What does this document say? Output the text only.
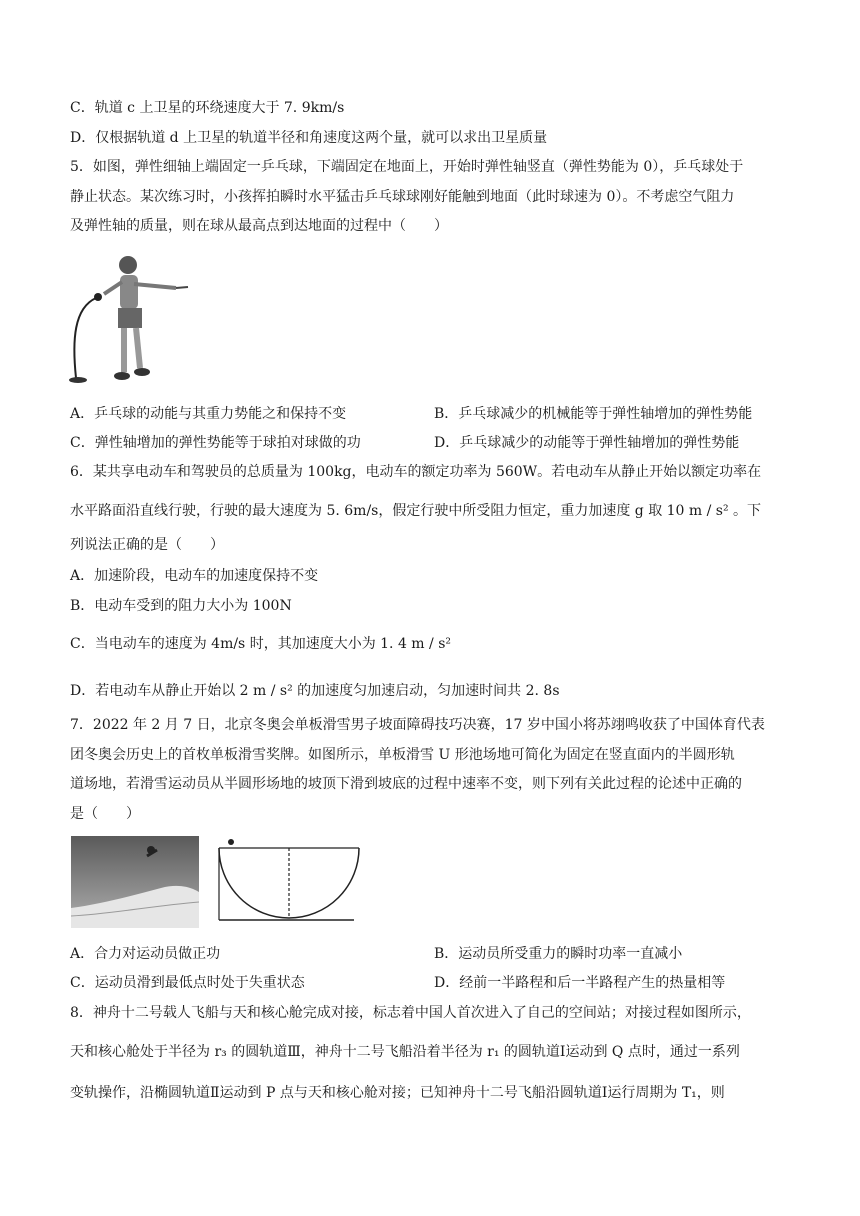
C．轨道 c 上卫星的环绕速度大于 7. 9km/s
D．仅根据轨道 d 上卫星的轨道半径和角速度这两个量，就可以求出卫星质量
5．如图，弹性细轴上端固定一乒乓球，下端固定在地面上，开始时弹性轴竖直（弹性势能为 0），乒乓球处于
静止状态。某次练习时，小孩挥拍瞬时水平猛击乒乓球球刚好能触到地面（此时球速为 0）。不考虑空气阻力
及弹性轴的质量，则在球从最高点到达地面的过程中（　　）
A．乒乓球的动能与其重力势能之和保持不变	B．乒乓球减少的机械能等于弹性轴增加的弹性势能
C．弹性轴增加的弹性势能等于球拍对球做的功	D．乒乓球减少的动能等于弹性轴增加的弹性势能
6．某共享电动车和驾驶员的总质量为 100kg，电动车的额定功率为 560W。若电动车从静止开始以额定功率在
水平路面沿直线行驶，行驶的最大速度为 5. 6m/s，假定行驶中所受阻力恒定，重力加速度 g 取 10 m / s² 。下
列说法正确的是（　　）
A．加速阶段，电动车的加速度保持不变
B．电动车受到的阻力大小为 100N
C．当电动车的速度为 4m/s 时，其加速度大小为 1. 4 m / s²
D．若电动车从静止开始以 2 m / s² 的加速度匀加速启动，匀加速时间共 2. 8s
7．2022 年 2 月 7 日，北京冬奥会单板滑雪男子坡面障碍技巧决赛，17 岁中国小将苏翊鸣收获了中国体育代表
团冬奥会历史上的首枚单板滑雪奖牌。如图所示，单板滑雪 U 形池场地可简化为固定在竖直面内的半圆形轨
道场地，若滑雪运动员从半圆形场地的坡顶下滑到坡底的过程中速率不变，则下列有关此过程的论述中正确的
是（　　）
A．合力对运动员做正功	B．运动员所受重力的瞬时功率一直减小
C．运动员滑到最低点时处于失重状态	D．经前一半路程和后一半路程产生的热量相等
8．神舟十二号载人飞船与天和核心舱完成对接，标志着中国人首次进入了自己的空间站；对接过程如图所示，
天和核心舱处于半径为 r₃ 的圆轨道Ⅲ，神舟十二号飞船沿着半径为 r₁ 的圆轨道Ⅰ运动到 Q 点时，通过一系列
变轨操作，沿椭圆轨道Ⅱ运动到 P 点与天和核心舱对接；已知神舟十二号飞船沿圆轨道Ⅰ运行周期为 T₁，则
